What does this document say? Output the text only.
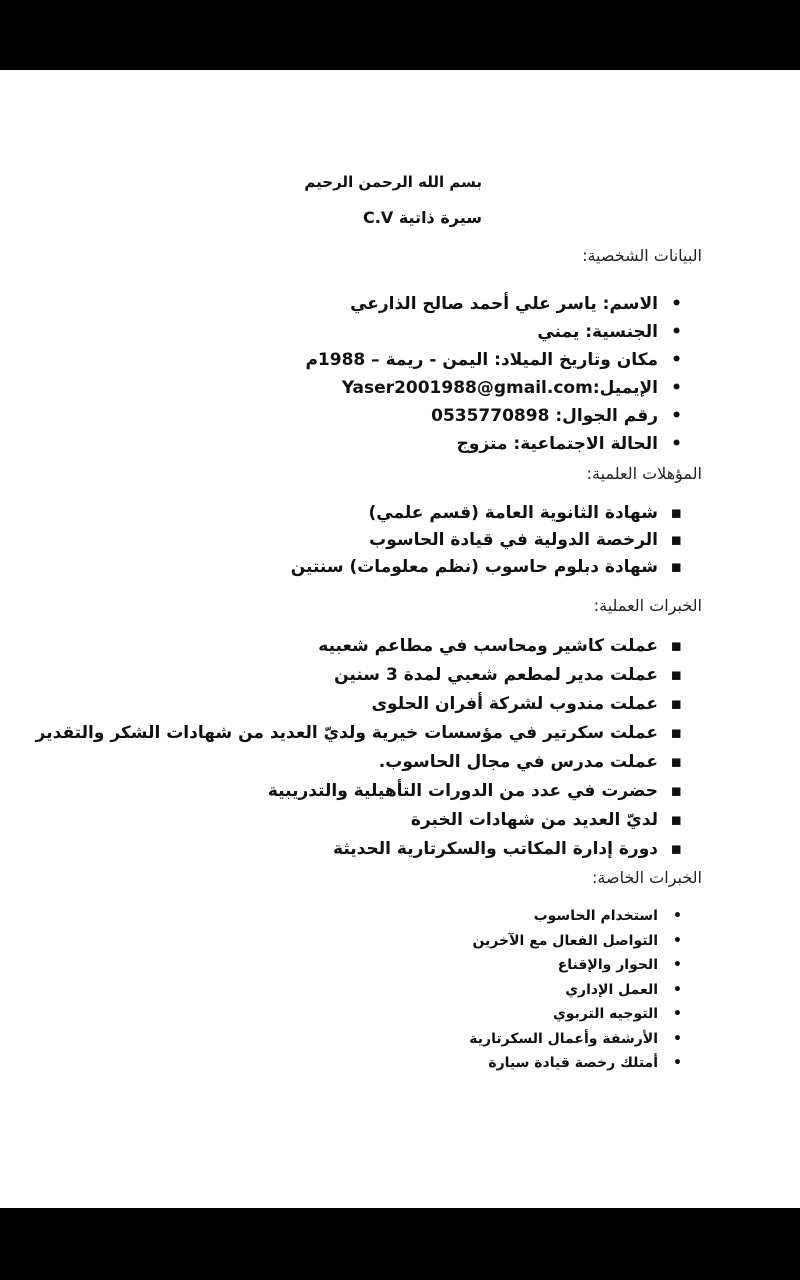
بسم الله الرحمن الرحيم
سيرة ذاتية C.V
البيانات الشخصية:
•
الاسم: ياسر علي أحمد صالح الذارعي
•
الجنسية: يمني
•
مكان وتاريخ الميلاد: اليمن - ريمة – 1988م
•
الإيميل:Yaser2001988@gmail.com
•
رقم الجوال: 0535770898
•
الحالة الاجتماعية: متزوج
المؤهلات العلمية:
▪
شهادة الثانوية العامة (قسم علمي)
▪
الرخصة الدولية في قيادة الحاسوب
▪
شهادة دبلوم حاسوب (نظم معلومات) سنتين
الخبرات العملية:
▪
عملت كاشير ومحاسب في مطاعم شعبيه
▪
عملت مدير لمطعم شعبي لمدة 3 سنين
▪
عملت مندوب لشركة أفران الحلوى
▪
عملت سكرتير في مؤسسات خيرية ولديّ العديد من شهادات الشكر والتقدير
▪
عملت مدرس في مجال الحاسوب.
▪
حضرت في عدد من الدورات التأهيلية والتدريبية
▪
لديّ العديد من شهادات الخبرة
▪
دورة إدارة المكاتب والسكرتارية الحديثة
الخبرات الخاصة:
•
استخدام الحاسوب
•
التواصل الفعال مع الآخرين
•
الحوار والإقناع
•
العمل الإداري
•
التوجيه التربوي
•
الأرشفة وأعمال السكرتارية
•
أمتلك رخصة قيادة سيارة
